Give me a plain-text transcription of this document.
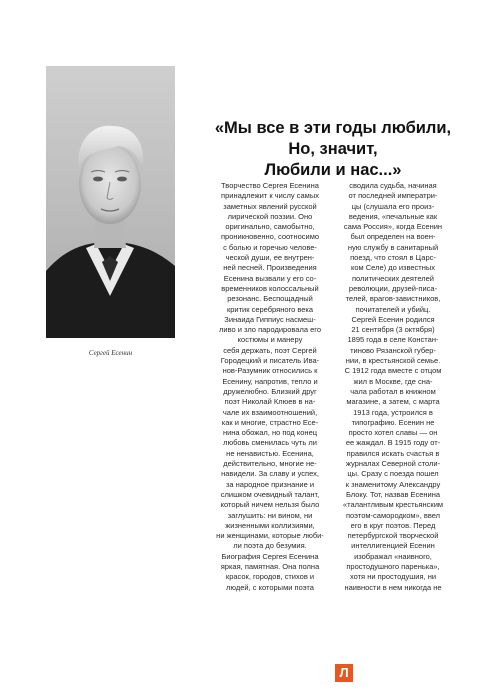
Сергей Есенин
«Мы все в эти годы любили,
Но, значит,
Любили и нас...»
Творчество Сергея Есенина
принадлежит к числу самых
заметных явлений русской
лирической поэзии. Оно
оригинально, самобытно,
проникновенно, соотносимо
с болью и горечью челове-
ческой души, ее внутрен-
ней песней. Произведения
Есенина вызвали у его со-
временников колоссальный
резонанс. Беспощадный
критик серебряного века
Зинаида Гиппиус насмеш-
ливо и зло пародировала его
костюмы и манеру
себя держать, поэт Сергей
Городецкий и писатель Ива-
нов-Разумник относились к
Есенину, напротив, тепло и
дружелюбно. Близкий друг
поэт Николай Клюев в на-
чале их взаимоотношений,
как и многие, страстно Есе-
нина обожал, но под конец
любовь сменилась чуть ли
не ненавистью. Есенина,
действительно, многие не-
навидели. За славу и успех,
за народное признание и
слишком очевидный талант,
который ничем нельзя было
заглушить: ни вином, ни
жизненными коллизиями,
ни женщинами, которые люби-
ли поэта до безумия.
Биография Сергея Есенина
яркая, памятная. Она полна
красок, городов, стихов и
людей, с которыми поэта
сводила судьба, начиная
от последней императри-
цы (слушала его произ-
ведения, «печальные как
сама Россия», когда Есенин
был определен на воен-
ную службу в санитарный
поезд, что стоял в Царс-
ком Селе) до известных
политических деятелей
революции, друзей-писа-
телей, врагов-завистников,
почитателей и убийц.
Сергей Есенин родился
21 сентября (3 октября)
1895 года в селе Констан-
тиново Рязанской губер-
нии, в крестьянской семье.
С 1912 года вместе с отцом
жил в Москве, где сна-
чала работал в книжном
магазине, а затем, с марта
1913 года, устроился в
типографию. Есенин не
просто хотел славы — он
ее жаждал. В 1915 году от-
правился искать счастья в
журналах Северной столи-
цы. Сразу с поезда пошел
к знаменитому Александру
Блоку. Тот, назвав Есенина
«талантливым крестьянским
поэтом-самородком», ввел
его в круг поэтов. Перед
петербургской творческой
интеллигенцией Есенин
изображал «наивного,
простодушного паренька»,
хотя ни простодушия, ни
наивности в нем никогда не
Л
